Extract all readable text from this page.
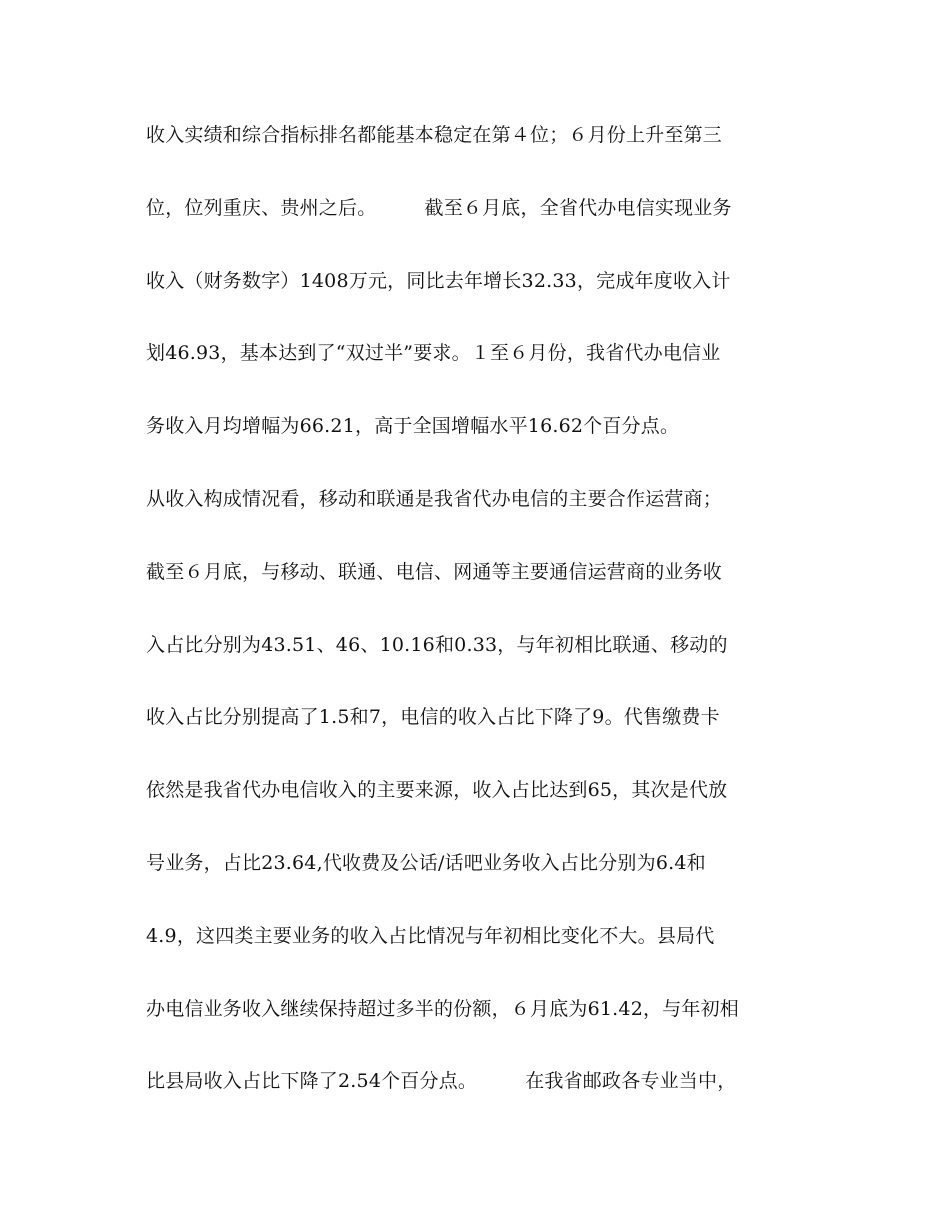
收入实绩和综合指标排名都能基本稳定在第４位；６月份上升至第三
位，位列重庆、贵州之后。　　　截至６月底，全省代办电信实现业务
收入（财务数字）1408万元，同比去年增长32.33，完成年度收入计
划46.93，基本达到了“双过半”要求。１至６月份，我省代办电信业
务收入月均增幅为66.21，高于全国增幅水平16.62个百分点。
从收入构成情况看，移动和联通是我省代办电信的主要合作运营商；
截至６月底，与移动、联通、电信、网通等主要通信运营商的业务收
入占比分别为43.51、46、10.16和0.33，与年初相比联通、移动的
收入占比分别提高了1.5和7，电信的收入占比下降了9。代售缴费卡
依然是我省代办电信收入的主要来源，收入占比达到65，其次是代放
号业务，占比23.64,代收费及公话/话吧业务收入占比分别为6.4和
4.9，这四类主要业务的收入占比情况与年初相比变化不大。县局代
办电信业务收入继续保持超过多半的份额，６月底为61.42，与年初相
比县局收入占比下降了2.54个百分点。　　　在我省邮政各专业当中，
